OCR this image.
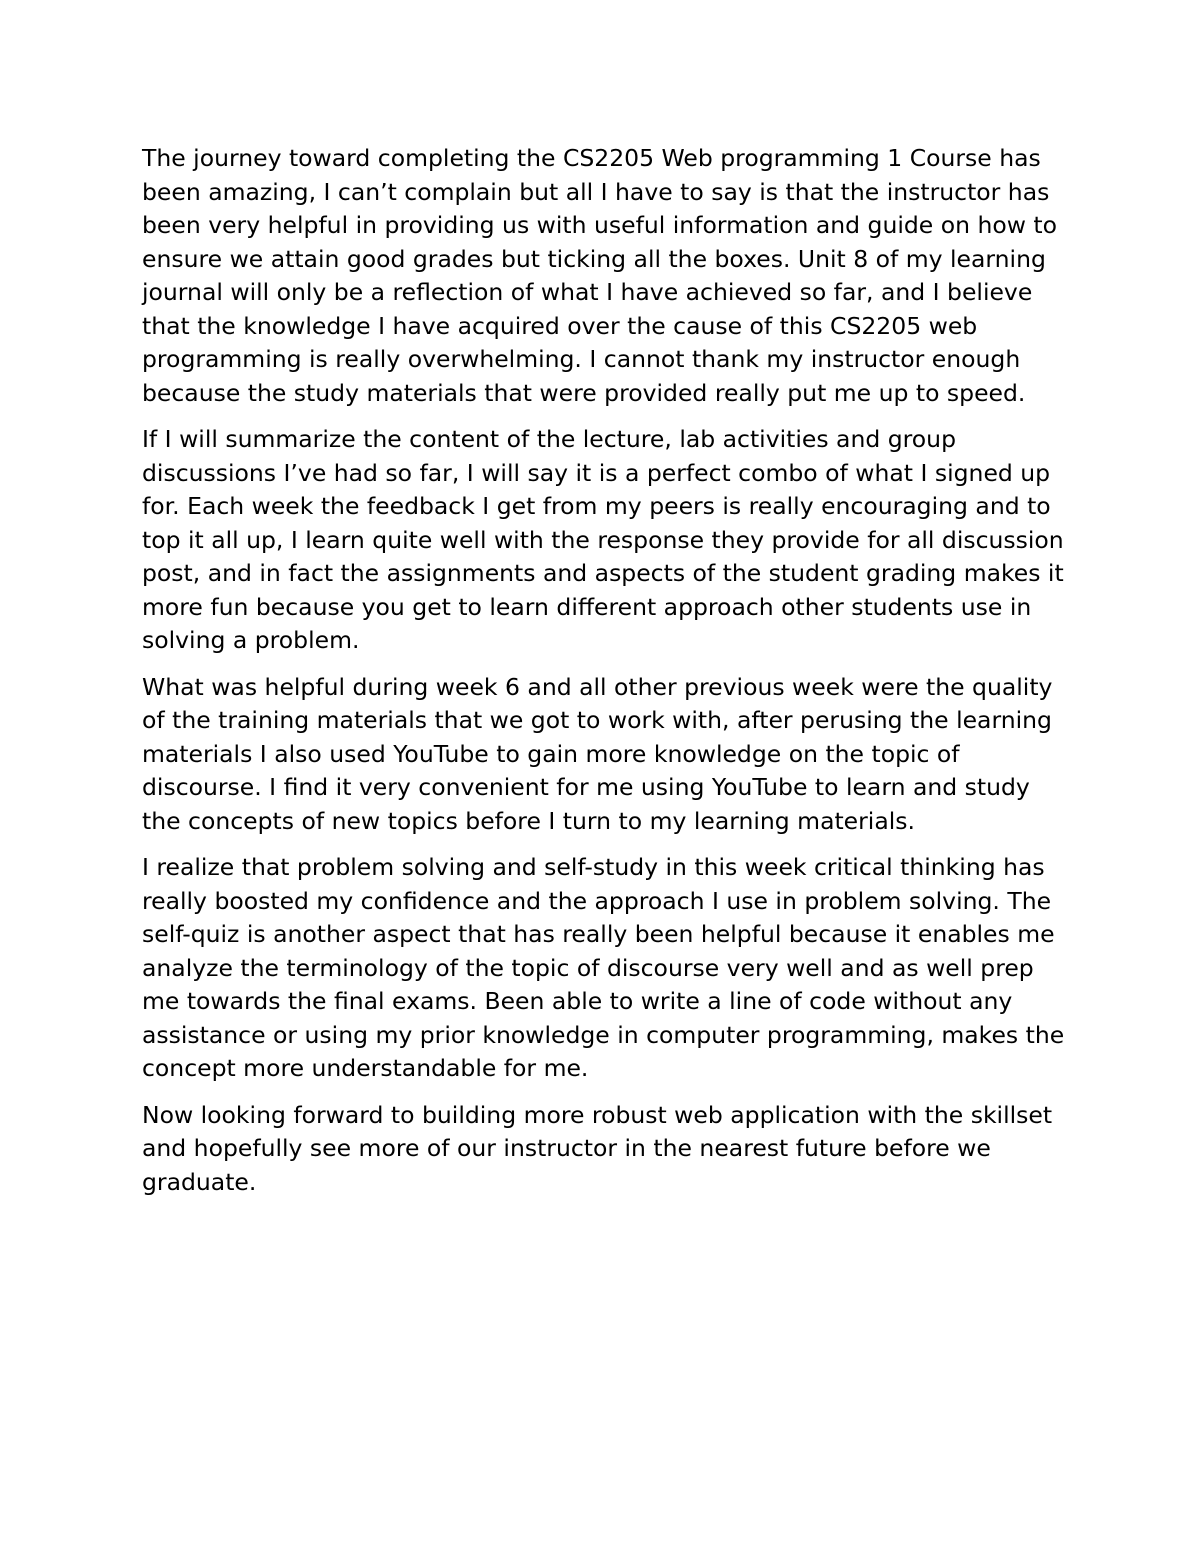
The journey toward completing the CS2205 Web programming 1 Course has been amazing, I can’t complain but all I have to say is that the instructor has been very helpful in providing us with useful information and guide on how to ensure we attain good grades but ticking all the boxes. Unit 8 of my learning journal will only be a reflection of what I have achieved so far, and I believe that the knowledge I have acquired over the cause of this CS2205 web programming is really overwhelming. I cannot thank my instructor enough because the study materials that were provided really put me up to speed.

If I will summarize the content of the lecture, lab activities and group discussions I’ve had so far, I will say it is a perfect combo of what I signed up for. Each week the feedback I get from my peers is really encouraging and to top it all up, I learn quite well with the response they provide for all discussion post, and in fact the assignments and aspects of the student grading makes it more fun because you get to learn different approach other students use in solving a problem.

What was helpful during week 6 and all other previous week were the quality of the training materials that we got to work with, after perusing the learning materials I also used YouTube to gain more knowledge on the topic of discourse. I find it very convenient for me using YouTube to learn and study the concepts of new topics before I turn to my learning materials.

I realize that problem solving and self-study in this week critical thinking has really boosted my confidence and the approach I use in problem solving. The self-quiz is another aspect that has really been helpful because it enables me analyze the terminology of the topic of discourse very well and as well prep me towards the final exams. Been able to write a line of code without any assistance or using my prior knowledge in computer programming, makes the concept more understandable for me.

Now looking forward to building more robust web application with the skillset and hopefully see more of our instructor in the nearest future before we graduate.
